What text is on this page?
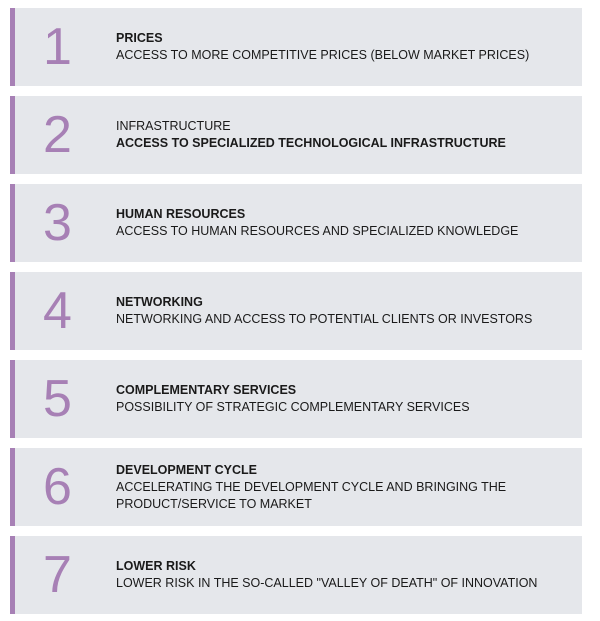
1	PRICES
ACCESS TO MORE COMPETITIVE PRICES (BELOW MARKET PRICES)
2	INFRASTRUCTURE
ACCESS TO SPECIALIZED TECHNOLOGICAL INFRASTRUCTURE
3	HUMAN RESOURCES
ACCESS TO HUMAN RESOURCES AND SPECIALIZED KNOWLEDGE
4	NETWORKING
NETWORKING AND ACCESS TO POTENTIAL CLIENTS OR INVESTORS
5	COMPLEMENTARY SERVICES
POSSIBILITY OF STRATEGIC COMPLEMENTARY SERVICES
6	DEVELOPMENT CYCLE
ACCELERATING THE DEVELOPMENT CYCLE AND BRINGING THE PRODUCT/SERVICE TO MARKET
7	LOWER RISK
LOWER RISK IN THE SO-CALLED "VALLEY OF DEATH" OF INNOVATION
